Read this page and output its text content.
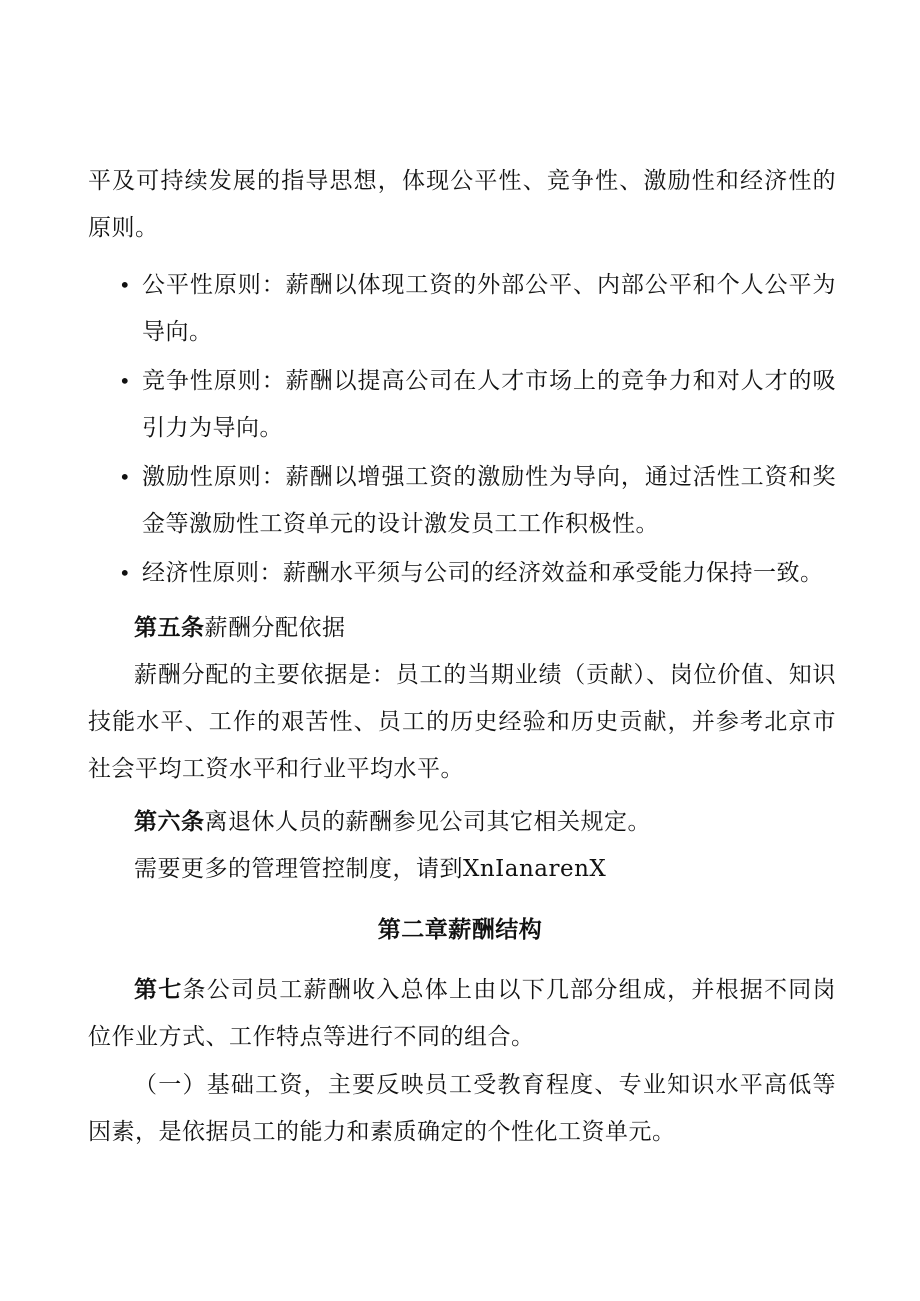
平及可持续发展的指导思想，体现公平性、竞争性、激励性和经济性的原则。
• 公平性原则：薪酬以体现工资的外部公平、内部公平和个人公平为导向。
• 竞争性原则：薪酬以提高公司在人才市场上的竞争力和对人才的吸引力为导向。
• 激励性原则：薪酬以增强工资的激励性为导向，通过活性工资和奖金等激励性工资单元的设计激发员工工作积极性。
• 经济性原则：薪酬水平须与公司的经济效益和承受能力保持一致。
第五条薪酬分配依据
薪酬分配的主要依据是：员工的当期业绩（贡献）、岗位价值、知识技能水平、工作的艰苦性、员工的历史经验和历史贡献，并参考北京市社会平均工资水平和行业平均水平。
第六条离退休人员的薪酬参见公司其它相关规定。
需要更多的管理管控制度，请到XnIanarenX
第二章薪酬结构
第七条公司员工薪酬收入总体上由以下几部分组成，并根据不同岗位作业方式、工作特点等进行不同的组合。
（一）基础工资，主要反映员工受教育程度、专业知识水平高低等因素，是依据员工的能力和素质确定的个性化工资单元。
